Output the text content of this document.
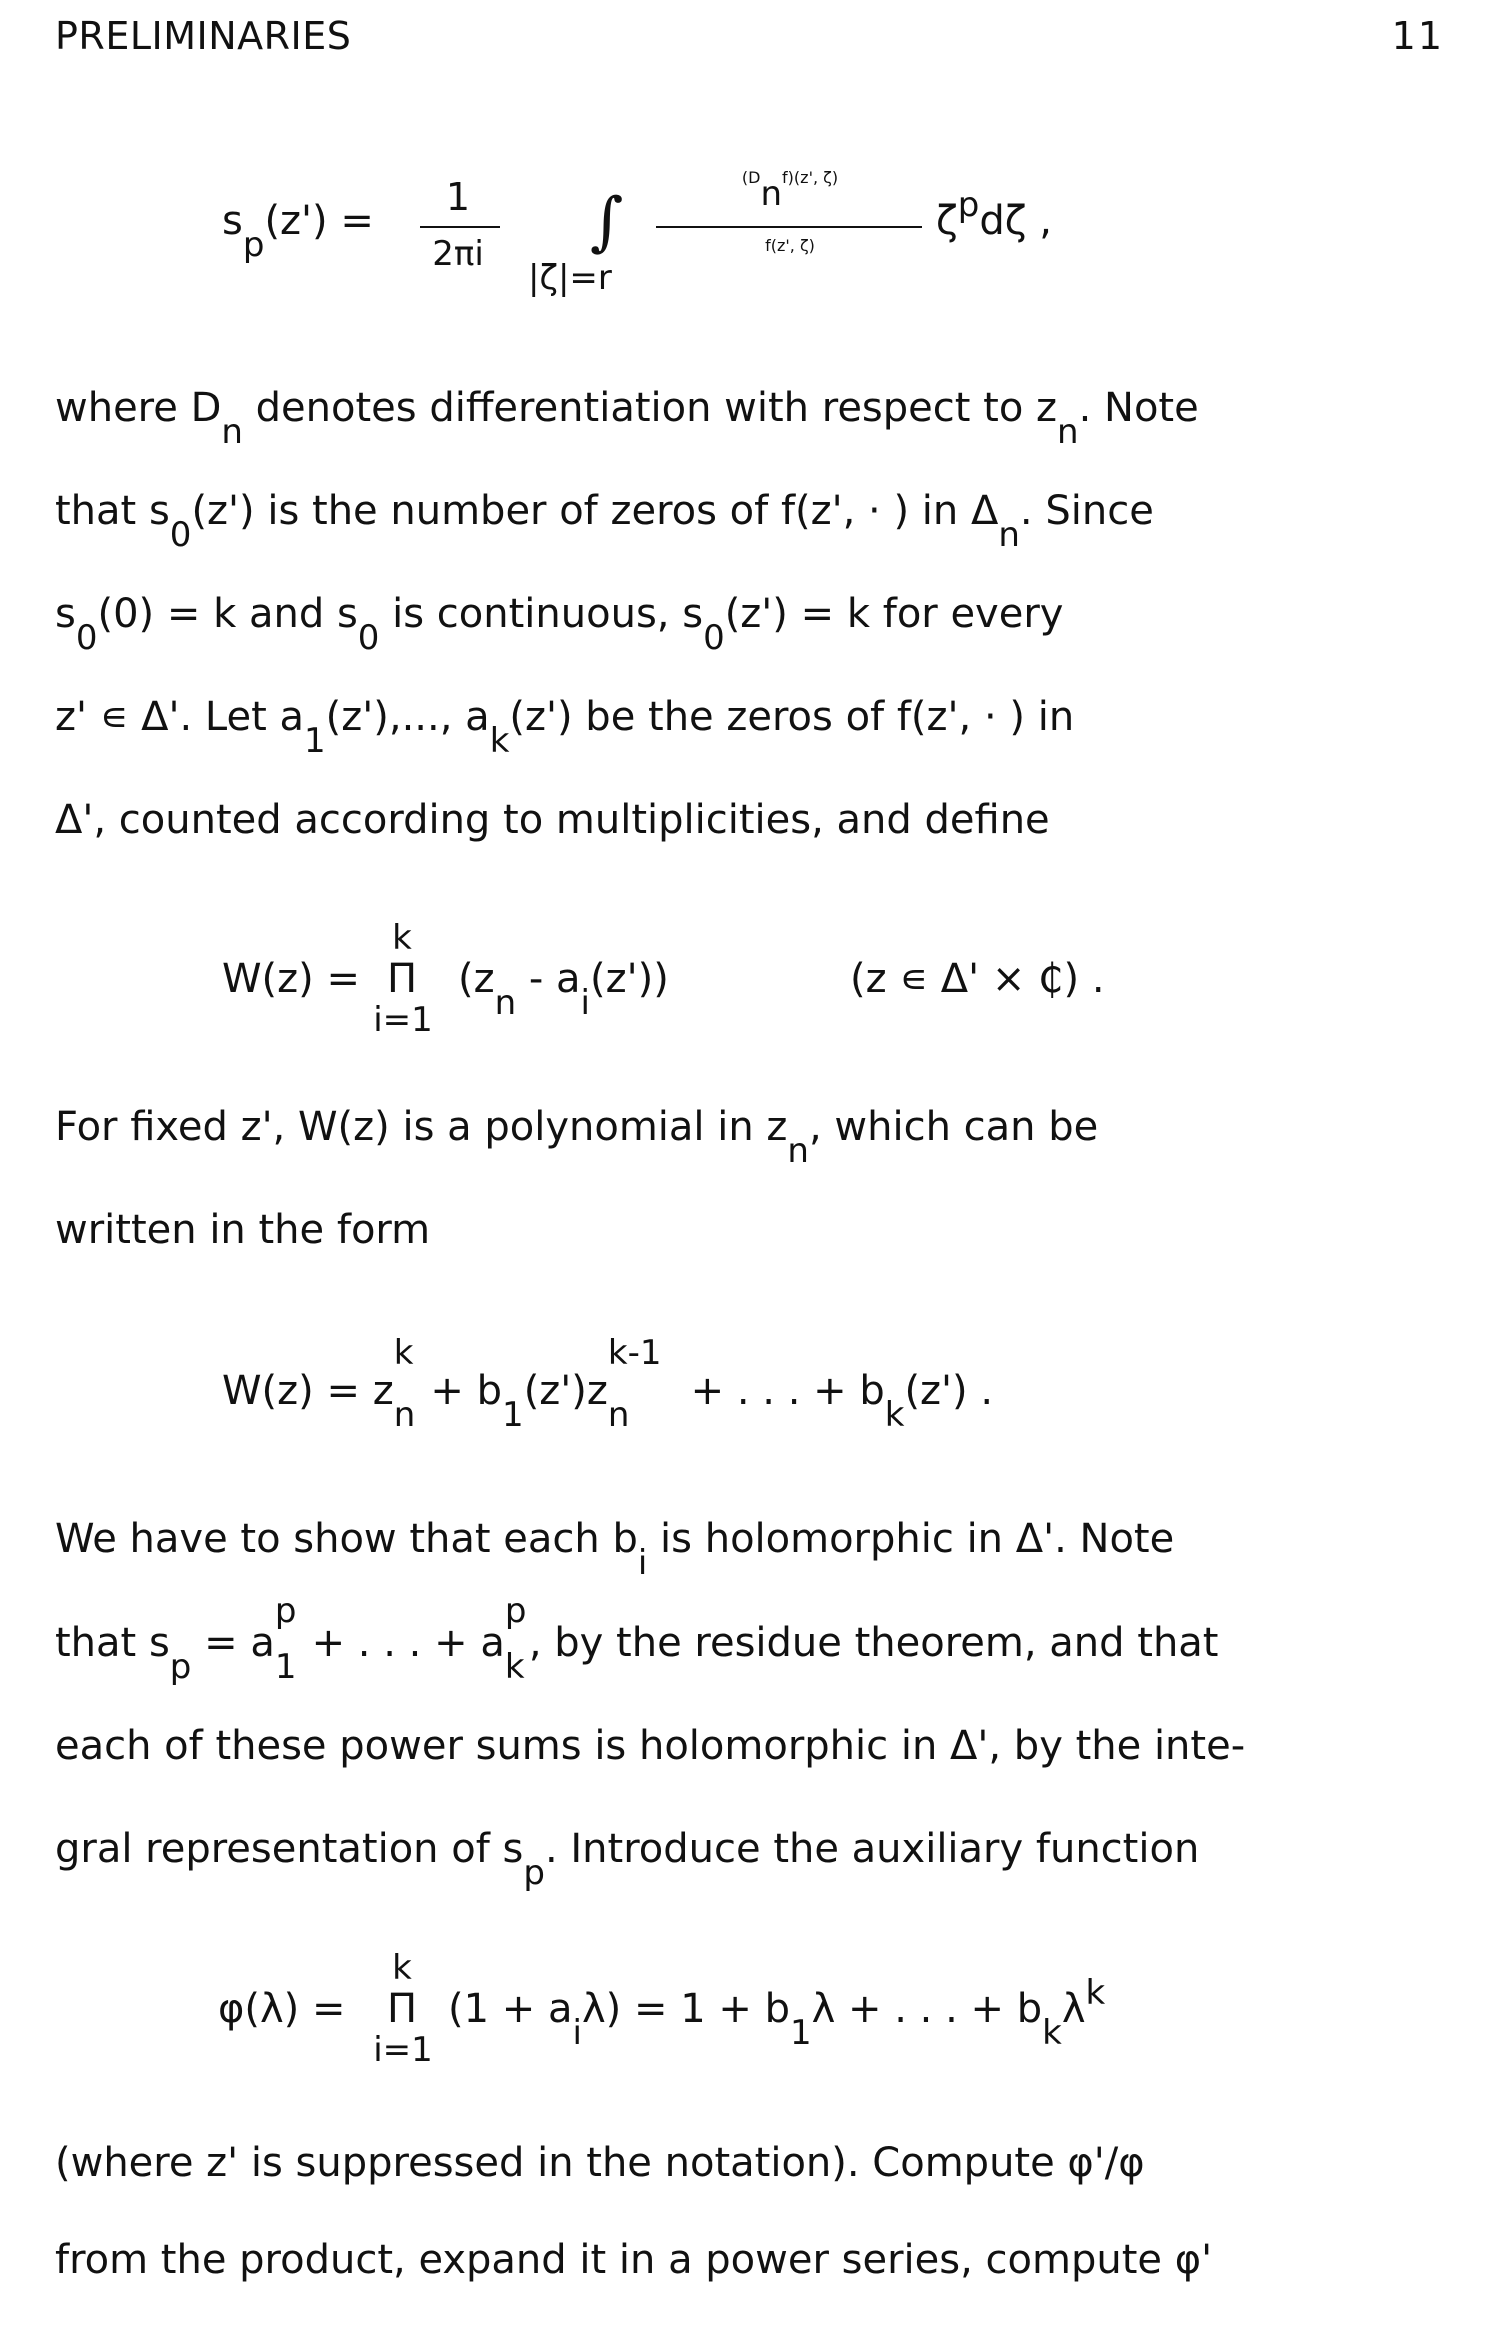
PRELIMINARIES	11
$s_p(z')$ =
1
2πi	∫
|ζ|=r
(Dnf)(z', ζ)
f(z', ζ)
$\zeta^pd\zeta$ ,
where $D_n$ denotes differentiation with respect to $z_n$. Note
that $s_0(z')$ is the number of zeros of f(z', · ) in $\Delta_n$. Since
$s_0(0) = k$ and $s_0$ is continuous, $s_0(z') = k$ for every
z' ∊ Δ'. Let $a_1(z')$,..., $a_k(z')$ be the zeros of f(z', · ) in
Δ', counted according to multiplicities, and define
W(z) =
k
Π
i=1
$(z_n - a_i(z'))$	(z ∊ Δ' × ₵) .
For fixed z', W(z) is a polynomial in $z_n$, which can be
written in the form
W(z) = z
k
n
+ $b_1(z')z$
k-1
n
+ . . . + $b_k(z')$ .
We have to show that each $b_i$ is holomorphic in Δ'. Note
that $s_p = a$
p
1
+ . . . + a
p
k
, by the residue theorem, and that
each of these power sums is holomorphic in Δ', by the inte-
gral representation of $s_p$. Introduce the auxiliary function
φ(λ) =
k
Π
i=1
$(1 + a_i\lambda) = 1 + b_1\lambda$ + . . . + $b_k\lambda^k$
(where z' is suppressed in the notation). Compute φ'/φ
from the product, expand it in a power series, compute φ'
